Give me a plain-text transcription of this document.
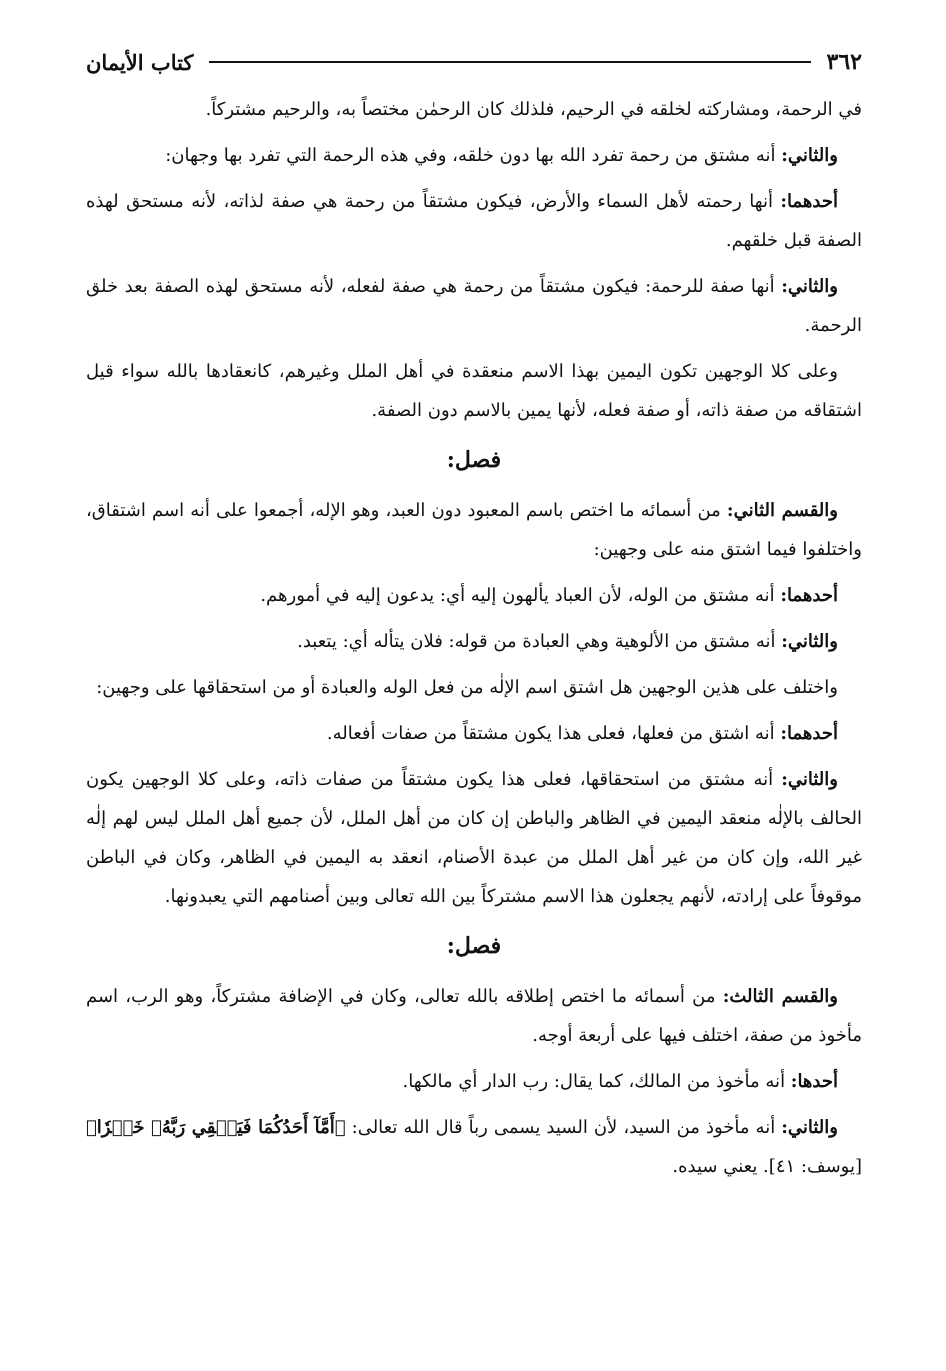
٣٦٢
كتاب الأيمان

في الرحمة، ومشاركته لخلقه في الرحيم، فلذلك كان الرحمٰن مختصاً به، والرحيم مشتركاً.

والثاني: أنه مشتق من رحمة تفرد الله بها دون خلقه، وفي هذه الرحمة التي تفرد بها وجهان:

أحدهما: أنها رحمته لأهل السماء والأرض، فيكون مشتقاً من رحمة هي صفة لذاته، لأنه مستحق لهذه الصفة قبل خلقهم.

والثاني: أنها صفة للرحمة: فيكون مشتقاً من رحمة هي صفة لفعله، لأنه مستحق لهذه الصفة بعد خلق الرحمة.

وعلى كلا الوجهين تكون اليمين بهذا الاسم منعقدة في أهل الملل وغيرهم، كانعقادها بالله سواء قيل اشتقاقه من صفة ذاته، أو صفة فعله، لأنها يمين بالاسم دون الصفة.

فصل:

والقسم الثاني: من أسمائه ما اختص باسم المعبود دون العبد، وهو الإله، أجمعوا على أنه اسم اشتقاق، واختلفوا فيما اشتق منه على وجهين:

أحدهما: أنه مشتق من الوله، لأن العباد يألهون إليه أي: يدعون إليه في أمورهم.

والثاني: أنه مشتق من الألوهية وهي العبادة من قوله: فلان يتأله أي: يتعبد.

واختلف على هذين الوجهين هل اشتق اسم الإلٰه من فعل الوله والعبادة أو من استحقاقها على وجهين:

أحدهما: أنه اشتق من فعلها، فعلى هذا يكون مشتقاً من صفات أفعاله.

والثاني: أنه مشتق من استحقاقها، فعلى هذا يكون مشتقاً من صفات ذاته، وعلى كلا الوجهين يكون الحالف بالإلٰه منعقد اليمين في الظاهر والباطن إن كان من أهل الملل، لأن جميع أهل الملل ليس لهم إلٰه غير الله، وإن كان من غير أهل الملل من عبدة الأصنام، انعقد به اليمين في الظاهر، وكان في الباطن موقوفاً على إرادته، لأنهم يجعلون هذا الاسم مشتركاً بين الله تعالى وبين أصنامهم التي يعبدونها.

فصل:

والقسم الثالث: من أسمائه ما اختص إطلاقه بالله تعالى، وكان في الإضافة مشتركاً، وهو الرب، اسم مأخوذ من صفة، اختلف فيها على أربعة أوجه.

أحدها: أنه مأخوذ من المالك، كما يقال: رب الدار أي مالكها.

والثاني: أنه مأخوذ من السيد، لأن السيد يسمى رباً قال الله تعالى: ﴿أَمَّآ أَحَدُكُمَا فَيَسۡقِي رَبَّهُۥ خَمۡرٗا﴾ [يوسف: ٤١]. يعني سيده.
